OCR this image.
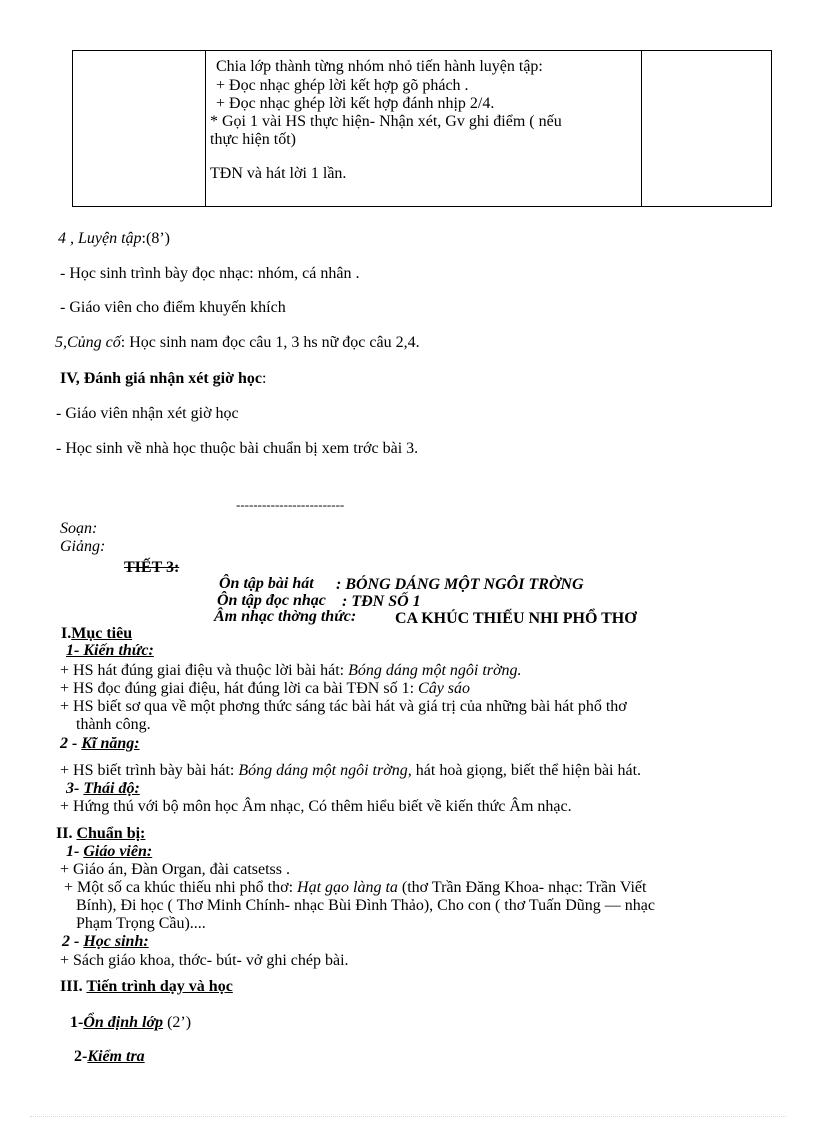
Chia lớp thành từng nhóm nhỏ tiến hành luyện tập:
+ Đọc nhạc ghép lời kết hợp gõ phách .
+ Đọc nhạc ghép lời kết hợp đánh nhịp 2/4.
* Gọi 1 vài HS thực hiện- Nhận xét, Gv ghi điểm ( nếu
thực hiện tốt)
TĐN và hát lời 1 lần.
4 , Luyện tập:(8’)
- Học sinh trình bày đọc nhạc: nhóm, cá nhân .
- Giáo viên cho điểm khuyến khích
5,Củng cố: Học sinh nam đọc câu 1, 3 hs nữ đọc câu 2,4.
IV, Đánh giá nhận xét giờ học:
- Giáo viên nhận xét giờ học
- Học sinh về nhà học thuộc bài chuẩn bị xem trớc bài 3.
-------------------------
Soạn:
Giảng:
TIẾT 3:
Ôn tập bài hát : BÓNG DÁNG MỘT NGÔI TRỜNG
Ôn tập đọc nhạc : TĐN SỐ 1
Âm nhạc thờng thức: CA KHÚC THIẾU NHI PHỔ THƠ
I.Mục tiêu
1- Kiến thức:
+ HS hát đúng giai điệu và thuộc lời bài hát: Bóng dáng một ngôi trờng.
+ HS đọc đúng giai điệu, hát đúng lời ca bài TĐN số 1: Cây sáo
+ HS biết sơ qua về một phơng thức sáng tác bài hát và giá trị của những bài hát phổ thơ
thành công.
2 - Kĩ năng:
+ HS biết trình bày bài hát: Bóng dáng một ngôi trờng, hát hoà giọng, biết thể hiện bài hát.
3- Thái độ:
+ Hứng thú với bộ môn học Âm nhạc, Có thêm hiểu biết về kiến thức Âm nhạc.
II. Chuẩn bị:
1- Giáo viên:
+ Giáo án, Đàn Organ, đài catsetss .
+ Một số ca khúc thiếu nhi phổ thơ: Hạt gạo làng ta (thơ Trần Đăng Khoa- nhạc: Trần Viết
Bính), Đi học ( Thơ Minh Chính- nhạc Bùi Đình Thảo), Cho con ( thơ Tuấn Dũng — nhạc
Phạm Trọng Cầu)....
2 - Học sinh:
+ Sách giáo khoa, thớc- bút- vở ghi chép bài.
III. Tiến trình dạy và học
1-Ổn định lớp (2’)
2-Kiểm tra
